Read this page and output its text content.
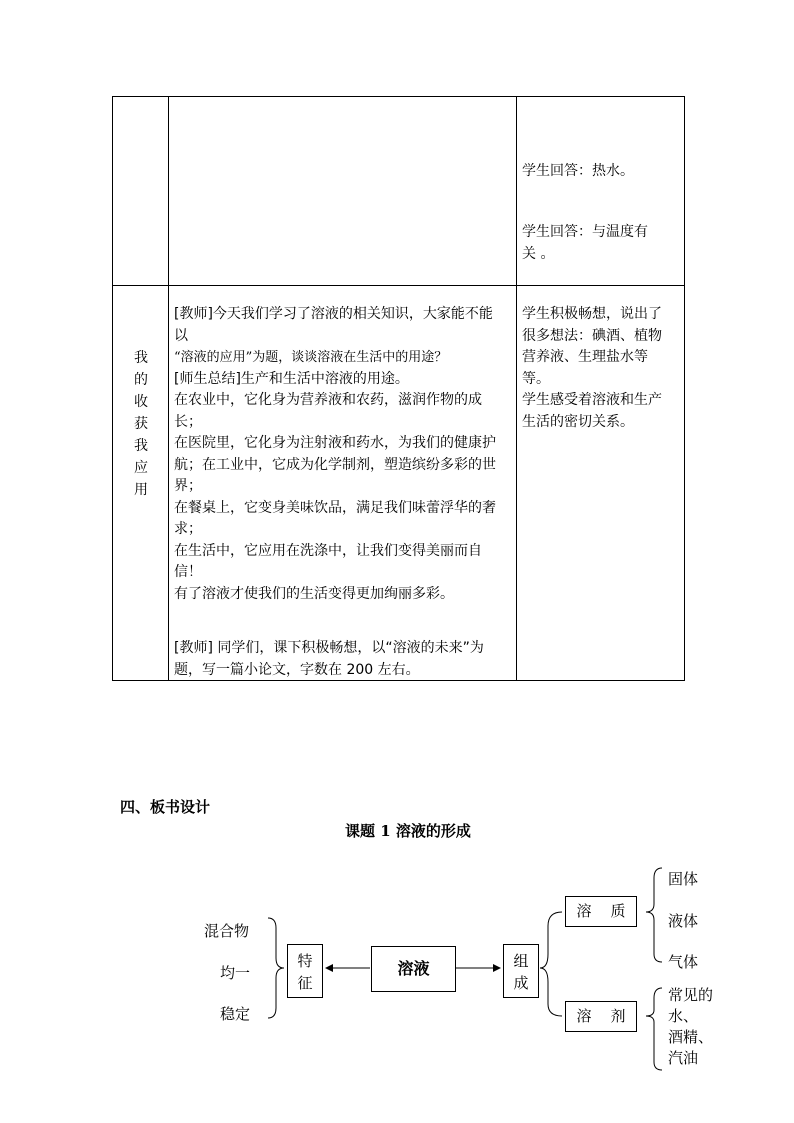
学生回答：热水。
学生回答：与温度有
关 。
我
的
收
获
我
应
用
[教师]今天我们学习了溶液的相关知识，大家能不能
以
“溶液的应用”为题，谈谈溶液在生活中的用途？
[师生总结]生产和生活中溶液的用途。
在农业中，它化身为营养液和农药，滋润作物的成
长；
在医院里，它化身为注射液和药水，为我们的健康护
航；在工业中，它成为化学制剂，塑造缤纷多彩的世
界；
在餐桌上，它变身美味饮品，满足我们味蕾浮华的奢
求；
在生活中，它应用在洗涤中，让我们变得美丽而自
信！
有了溶液才使我们的生活变得更加绚丽多彩。
[教师] 同学们，课下积极畅想，以“溶液的未来”为
题，写一篇小论文，字数在 200 左右。
学生积极畅想，说出了
很多想法：碘酒、植物
营养液、生理盐水等
等。
学生感受着溶液和生产
生活的密切关系。
四、板书设计
课题 1 溶液的形成
混合物
均一
稳定
特
征
溶液	组
成
溶    质
溶    剂
固体
液体
气体
常见的
水、
酒精、
汽油
